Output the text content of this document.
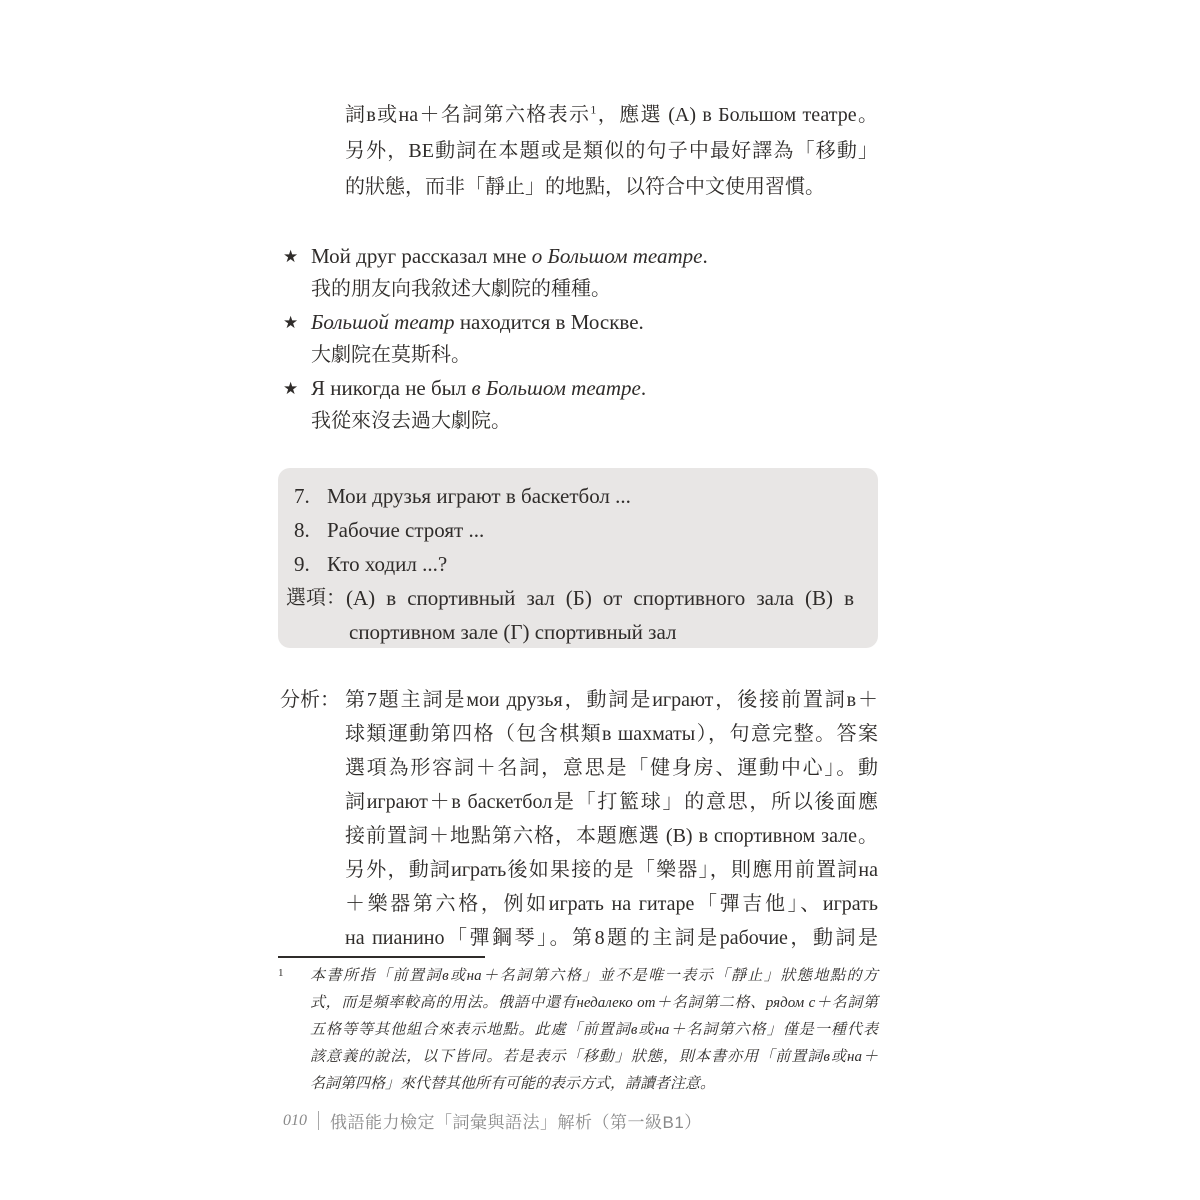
詞в或на＋名詞第六格表示$^1$，應選 (A) в Большом театре。
另外，BE動詞在本題或是類似的句子中最好譯為「移動」
的狀態，而非「靜止」的地點，以符合中文使用習慣。
★ Мой друг рассказал мне о Большом театре.
我的朋友向我敘述大劇院的種種。
★ Большой театр находится в Москве.
大劇院在莫斯科。
★ Я никогда не был в Большом театре.
我從來沒去過大劇院。
7. Мои друзья играют в баскетбол ...
8. Рабочие строят ...
9. Кто ходил ...?
選項： (А) в спортивный зал (Б) от спортивного зала (В) в
спортивном зале (Г) спортивный зал
分析： 第7題主詞是мои друзья，動詞是играют，後接前置詞в＋
球類運動第四格（包含棋類в шахматы），句意完整。答案
選項為形容詞＋名詞，意思是「健身房、運動中心」。動
詞играют＋в баскетбол是「打籃球」的意思，所以後面應
接前置詞＋地點第六格，本題應選 (В) в спортивном зале。
另外，動詞играть後如果接的是「樂器」，則應用前置詞на
＋樂器第六格，例如играть на гитаре「彈吉他」、играть
на пианино「彈鋼琴」。第8題的主詞是рабочие，動詞是
1 本書所指「前置詞в或на＋名詞第六格」並不是唯一表示「靜止」狀態地點的方
式，而是頻率較高的用法。俄語中還有недалеко от＋名詞第二格、рядом с＋名詞第
五格等等其他組合來表示地點。此處「前置詞в或на＋名詞第六格」僅是一種代表
該意義的說法，以下皆同。若是表示「移動」狀態，則本書亦用「前置詞в或на＋
名詞第四格」來代替其他所有可能的表示方式，請讀者注意。
010 俄語能力檢定「詞彙與語法」解析（第一級B1）
